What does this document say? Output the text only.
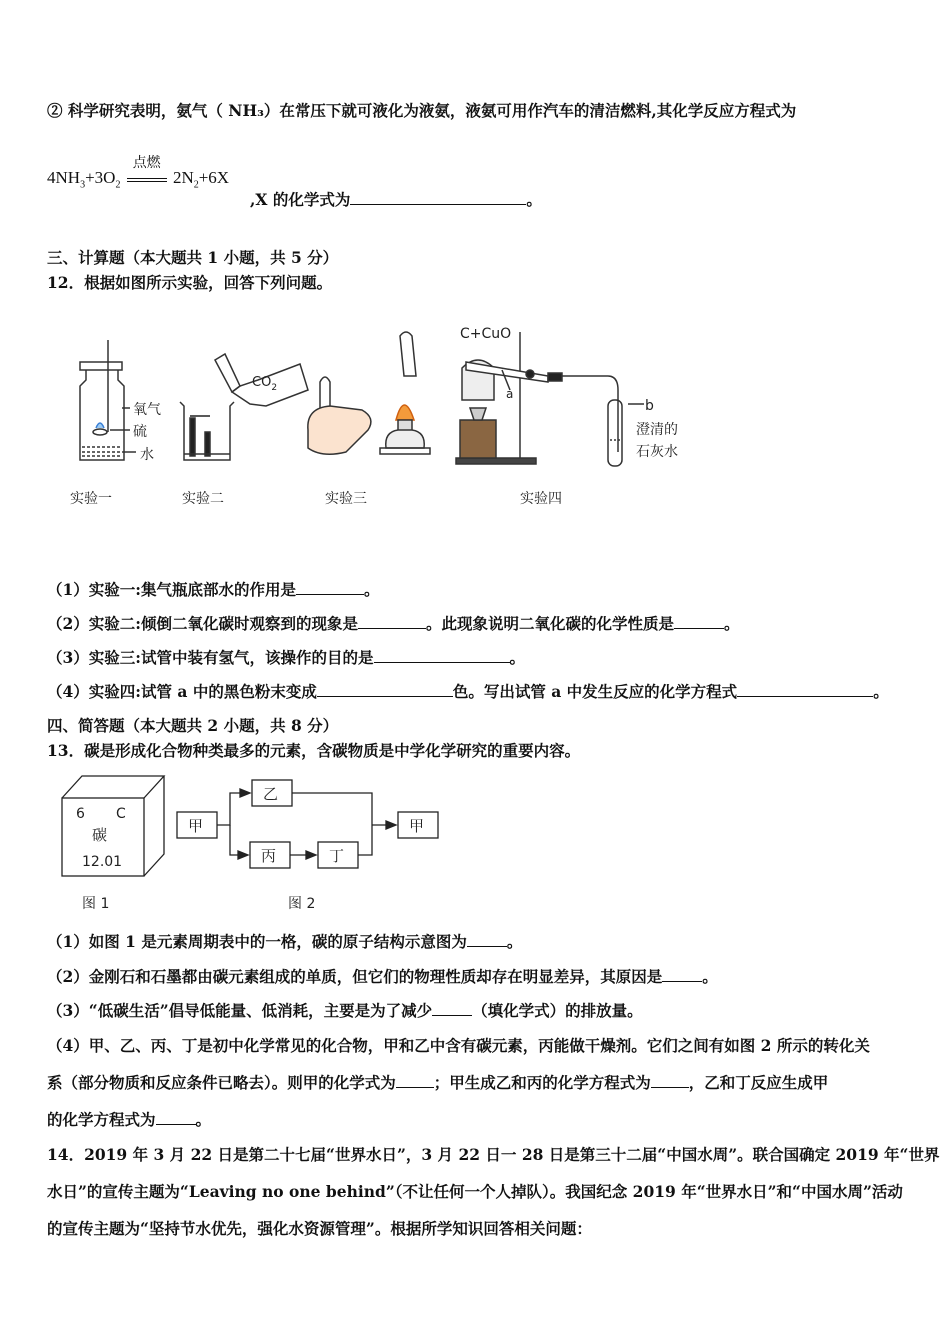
② 科学研究表明，氨气（ NH₃）在常压下就可液化为液氨，液氨可用作汽车的清洁燃料,其化学反应方程式为
$4NH_3+3O_2$
点燃
$2N_2+6X$
,X 的化学式为	。
三、计算题（本大题共 1 小题，共 5 分）
12．根据如图所示实验，回答下列问题。
氧气
硫
水
$CO_2$
C+CuO
a
b
澄清的
石灰水
实验一	实验二	实验三	实验四
（1）实验一:集气瓶底部水的作用是	。
（2）实验二:倾倒二氧化碳时观察到的现象是	。此现象说明二氧化碳的化学性质是	。
（3）实验三:试管中装有氢气，该操作的目的是	。
（4）实验四:试管 a 中的黑色粉末变成	色。写出试管 a 中发生反应的化学方程式	。
四、简答题（本大题共 2 小题，共 8 分）
13．碳是形成化合物种类最多的元素，含碳物质是中学化学研究的重要内容。
6 C
碳
12.01
图 1
甲
乙
丙	丁
甲
图 2
（1）如图 1 是元素周期表中的一格，碳的原子结构示意图为	。
（2）金刚石和石墨都由碳元素组成的单质，但它们的物理性质却存在明显差异，其原因是	。
（3）“低碳生活”倡导低能量、低消耗，主要是为了减少	（填化学式）的排放量。
（4）甲、乙、丙、丁是初中化学常见的化合物，甲和乙中含有碳元素，丙能做干燥剂。它们之间有如图 2 所示的转化关
系（部分物质和反应条件已略去）。则甲的化学式为 ；甲生成乙和丙的化学方程式为 ，乙和丁反应生成甲
的化学方程式为	。
14．2019 年 3 月 22 日是第二十七届“世界水日”，3 月 22 日一 28 日是第三十二届“中国水周”。联合国确定 2019 年“世界
水日”的宣传主题为“Leaving no one behind”（不让任何一个人掉队）。我国纪念 2019 年“世界水日”和“中国水周”活动
的宣传主题为“坚持节水优先，强化水资源管理”。根据所学知识回答相关问题：
